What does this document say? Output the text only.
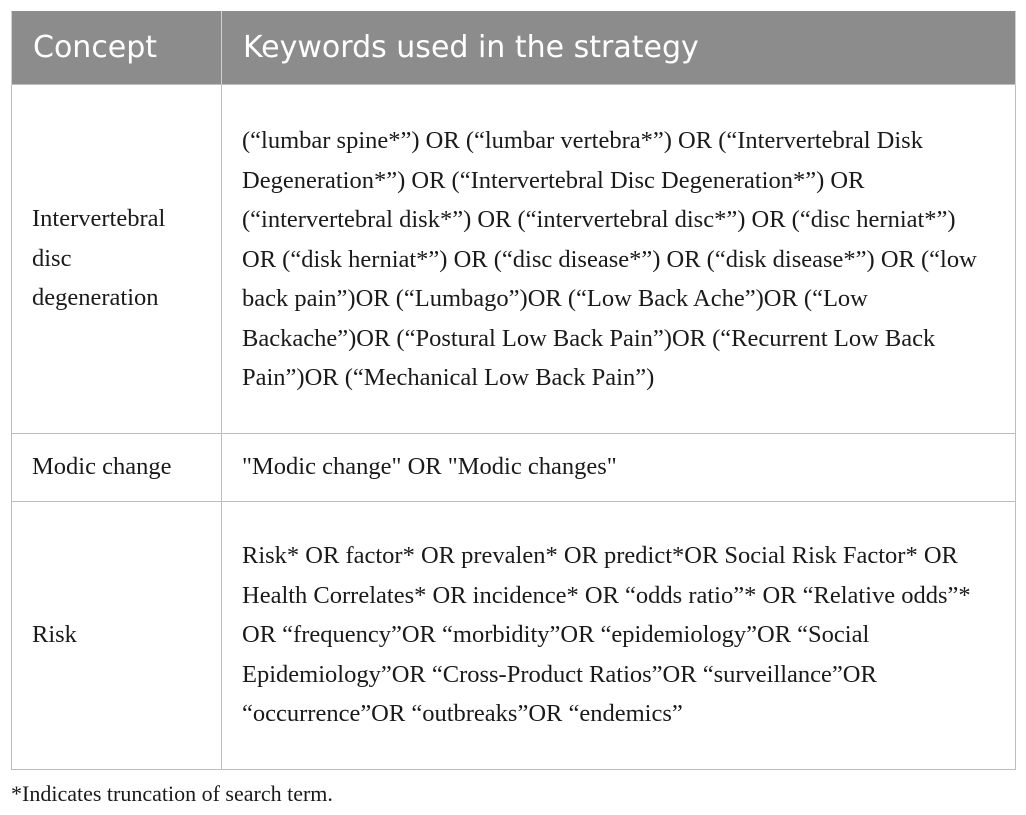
Concept	Keywords used in the strategy
Intervertebral disc degeneration	(“lumbar spine*”) OR (“lumbar vertebra*”) OR (“Intervertebral Disk Degeneration*”) OR (“Intervertebral Disc Degeneration*”) OR (“intervertebral disk*”) OR (“intervertebral disc*”) OR (“disc herniat*”) OR (“disk herniat*”) OR (“disc disease*”) OR (“disk disease*”) OR (“low back pain”)OR (“Lumbago”)OR (“Low Back Ache”)OR (“Low Backache”)OR (“Postural Low Back Pain”)OR (“Recurrent Low Back Pain”)OR (“Mechanical Low Back Pain”)
Modic change	"Modic change" OR "Modic changes"
Risk	Risk* OR factor* OR prevalen* OR predict*OR Social Risk Factor* OR Health Correlates* OR incidence* OR “odds ratio”* OR “Relative odds”* OR “frequency”OR “morbidity”OR “epidemiology”OR “Social Epidemiology”OR “Cross-Product Ratios”OR “surveillance”OR “occurrence”OR “outbreaks”OR “endemics”
*Indicates truncation of search term.
